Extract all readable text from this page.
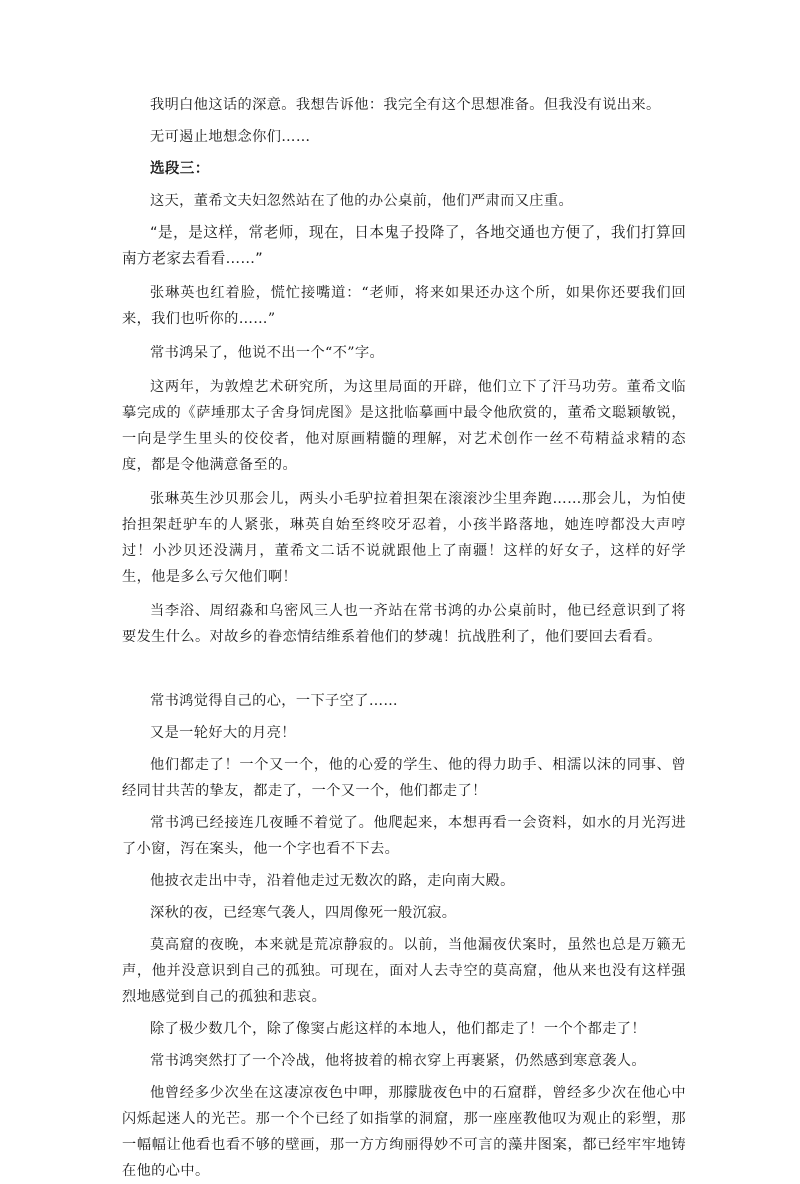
我明白他这话的深意。我想告诉他：我完全有这个思想准备。但我没有说出来。

无可遏止地想念你们……

选段三：

这天，董希文夫妇忽然站在了他的办公桌前，他们严肃而又庄重。

“是，是这样，常老师，现在，日本鬼子投降了，各地交通也方便了，我们打算回南方老家去看看……”

张琳英也红着脸，慌忙接嘴道：“老师，将来如果还办这个所，如果你还要我们回来，我们也听你的……”

常书鸿呆了，他说不出一个“不”字。

这两年，为敦煌艺术研究所，为这里局面的开辟，他们立下了汗马功劳。董希文临摹完成的《萨埵那太子舍身饲虎图》是这批临摹画中最令他欣赏的，董希文聪颖敏锐，一向是学生里头的佼佼者，他对原画精髓的理解，对艺术创作一丝不苟精益求精的态度，都是令他满意备至的。

张琳英生沙贝那会儿，两头小毛驴拉着担架在滚滚沙尘里奔跑……那会儿，为怕使抬担架赶驴车的人紧张，琳英自始至终咬牙忍着，小孩半路落地，她连哼都没大声哼过！小沙贝还没满月，董希文二话不说就跟他上了南疆！这样的好女子，这样的好学生，他是多么亏欠他们啊！

当李浴、周绍淼和乌密风三人也一齐站在常书鸿的办公桌前时，他已经意识到了将要发生什么。对故乡的眷恋情结维系着他们的梦魂！抗战胜利了，他们要回去看看。

常书鸿觉得自己的心，一下子空了……

又是一轮好大的月亮！

他们都走了！一个又一个，他的心爱的学生、他的得力助手、相濡以沫的同事、曾经同甘共苦的挚友，都走了，一个又一个，他们都走了！

常书鸿已经接连几夜睡不着觉了。他爬起来，本想再看一会资料，如水的月光泻进了小窗，泻在案头，他一个字也看不下去。

他披衣走出中寺，沿着他走过无数次的路，走向南大殿。

深秋的夜，已经寒气袭人，四周像死一般沉寂。

莫高窟的夜晚，本来就是荒凉静寂的。以前，当他漏夜伏案时，虽然也总是万籁无声，他并没意识到自己的孤独。可现在，面对人去寺空的莫高窟，他从来也没有这样强烈地感觉到自己的孤独和悲哀。

除了极少数几个，除了像窦占彪这样的本地人，他们都走了！一个个都走了！

常书鸿突然打了一个冷战，他将披着的棉衣穿上再裹紧，仍然感到寒意袭人。

他曾经多少次坐在这凄凉夜色中呷，那朦胧夜色中的石窟群，曾经多少次在他心中闪烁起迷人的光芒。那一个个已经了如指掌的洞窟，那一座座教他叹为观止的彩塑，那一幅幅让他看也看不够的壁画，那一方方绚丽得妙不可言的藻井图案，都已经牢牢地铸在他的心中。
